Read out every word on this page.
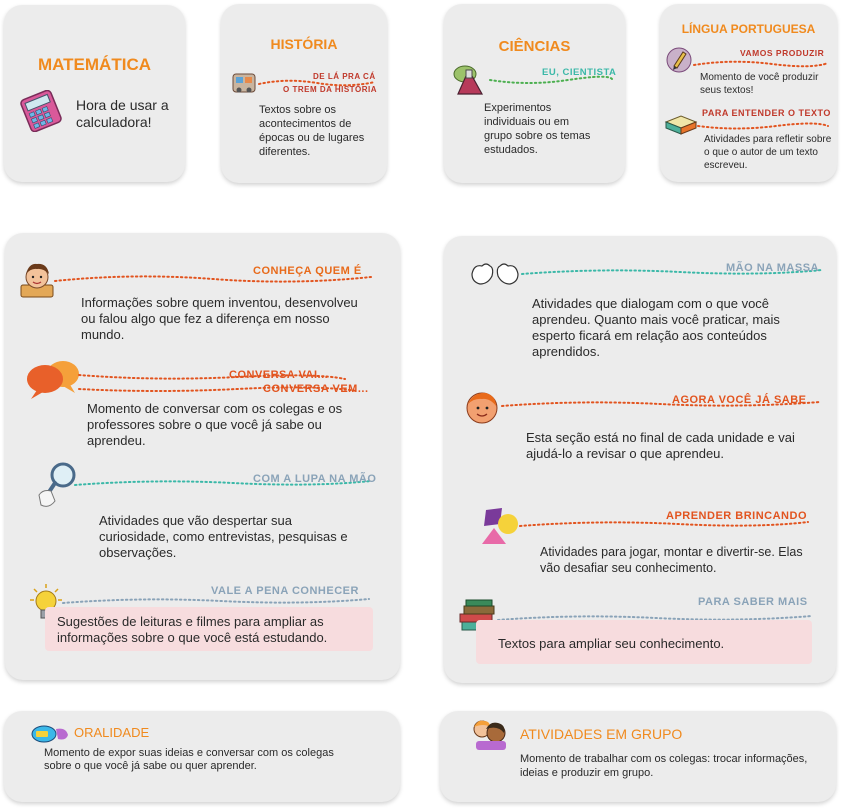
MATEMÁTICA
Hora de usar a calculadora!
HISTÓRIA
DE LÁ PRA CÁ
O TREM DA HISTÓRIA
Textos sobre os acontecimentos de épocas ou de lugares diferentes.
CIÊNCIAS
EU, CIENTISTA
Experimentos individuais ou em grupo sobre os temas estudados.
LÍNGUA PORTUGUESA
VAMOS PRODUZIR
Momento de você produzir seus textos!
PARA ENTENDER O TEXTO
Atividades para refletir sobre o que o autor de um texto escreveu.
CONHEÇA QUEM É
Informações sobre quem inventou, desenvolveu ou falou algo que fez a diferença em nosso mundo.
CONVERSA VAI...
CONVERSA VEM...
Momento de conversar com os colegas e os professores sobre o que você já sabe ou aprendeu.
COM A LUPA NA MÃO
Atividades que vão despertar sua curiosidade, como entrevistas, pesquisas e observações.
VALE A PENA CONHECER
Sugestões de leituras e filmes para ampliar as informações sobre o que você está estudando.
MÃO NA MASSA
Atividades que dialogam com o que você aprendeu. Quanto mais você praticar, mais esperto ficará em relação aos conteúdos aprendidos.
AGORA VOCÊ JÁ SABE
Esta seção está no final de cada unidade e vai ajudá-lo a revisar o que aprendeu.
APRENDER BRINCANDO
Atividades para jogar, montar e divertir-se. Elas vão desafiar seu conhecimento.
PARA SABER MAIS
Textos para ampliar seu conhecimento.
ORALIDADE
Momento de expor suas ideias e conversar com os colegas sobre o que você já sabe ou quer aprender.
ATIVIDADES EM GRUPO
Momento de trabalhar com os colegas: trocar informações, ideias e produzir em grupo.
